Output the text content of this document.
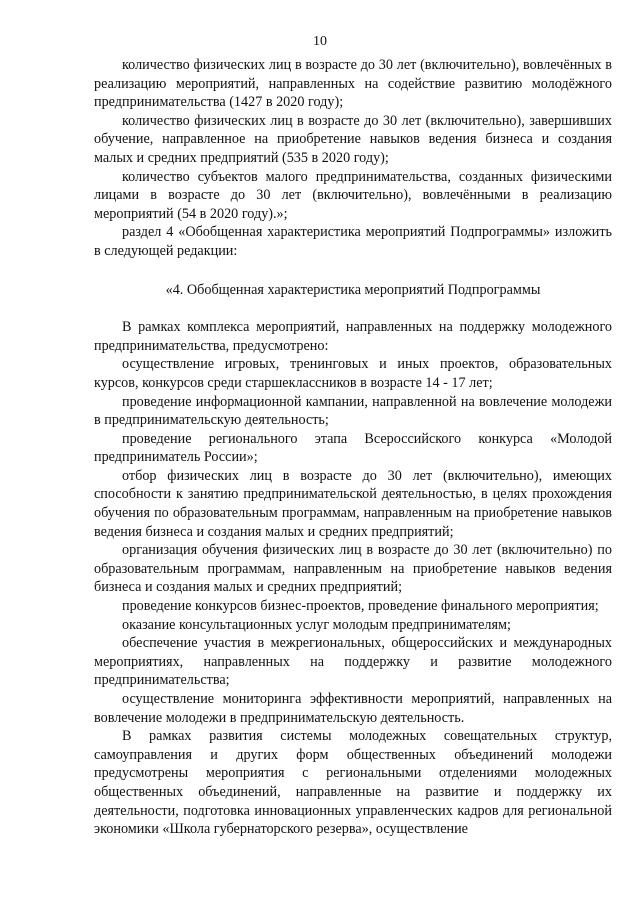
10

количество физических лиц в возрасте до 30 лет (включительно), вовлечённых в реализацию мероприятий, направленных на содействие развитию молодёжного предпринимательства (1427 в 2020 году);

количество физических лиц в возрасте до 30 лет (включительно), завершивших обучение, направленное на приобретение навыков ведения бизнеса и создания малых и средних предприятий (535 в 2020 году);

количество субъектов малого предпринимательства, созданных физическими лицами в возрасте до 30 лет (включительно), вовлечёнными в реализацию мероприятий (54 в 2020 году).»;

раздел 4 «Обобщенная характеристика мероприятий Подпрограммы» изложить в следующей редакции:

«4. Обобщенная характеристика мероприятий Подпрограммы

В рамках комплекса мероприятий, направленных на поддержку молодежного предпринимательства, предусмотрено:

осуществление игровых, тренинговых и иных проектов, образовательных курсов, конкурсов среди старшеклассников в возрасте 14 - 17 лет;

проведение информационной кампании, направленной на вовлечение молодежи в предпринимательскую деятельность;

проведение регионального этапа Всероссийского конкурса «Молодой предприниматель России»;

отбор физических лиц в возрасте до 30 лет (включительно), имеющих способности к занятию предпринимательской деятельностью, в целях прохождения обучения по образовательным программам, направленным на приобретение навыков ведения бизнеса и создания малых и средних предприятий;

организация обучения физических лиц в возрасте до 30 лет (включительно) по образовательным программам, направленным на приобретение навыков ведения бизнеса и создания малых и средних предприятий;

проведение конкурсов бизнес-проектов, проведение финального мероприятия;

оказание консультационных услуг молодым предпринимателям;

обеспечение участия в межрегиональных, общероссийских и международных мероприятиях, направленных на поддержку и развитие молодежного предпринимательства;

осуществление мониторинга эффективности мероприятий, направленных на вовлечение молодежи в предпринимательскую деятельность.

В рамках развития системы молодежных совещательных структур, самоуправления и других форм общественных объединений молодежи предусмотрены мероприятия с региональными отделениями молодежных общественных объединений, направленные на развитие и поддержку их деятельности, подготовка инновационных управленческих кадров для региональной экономики «Школа губернаторского резерва», осуществление
